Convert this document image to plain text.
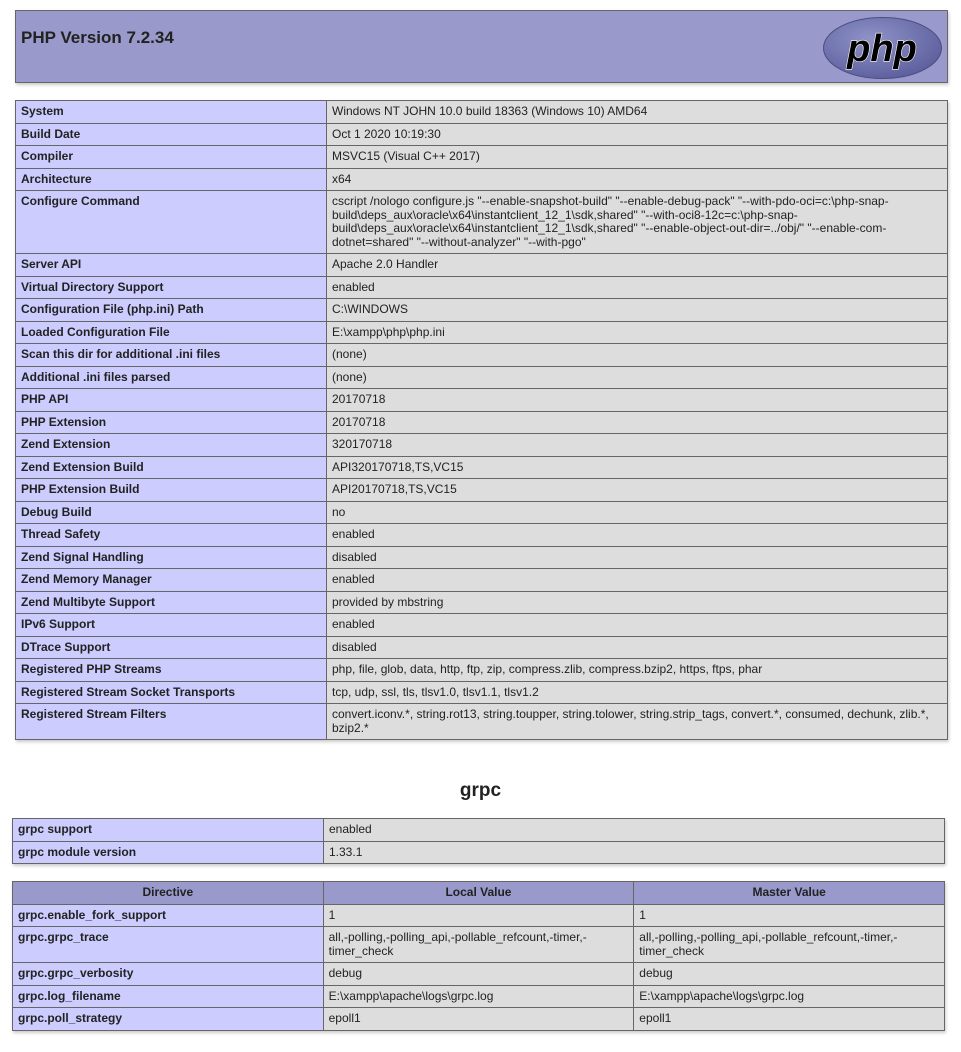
PHP Version 7.2.34	php
System	Windows NT JOHN 10.0 build 18363 (Windows 10) AMD64
Build Date	Oct 1 2020 10:19:30
Compiler	MSVC15 (Visual C++ 2017)
Architecture	x64
Configure Command	cscript /nologo configure.js "--enable-snapshot-build" "--enable-debug-pack" "--with-pdo-oci=c:\php-snap-build\deps_aux\oracle\x64\instantclient_12_1\sdk,shared" "--with-oci8-12c=c:\php-snap-build\deps_aux\oracle\x64\instantclient_12_1\sdk,shared" "--enable-object-out-dir=../obj/" "--enable-com-dotnet=shared" "--without-analyzer" "--with-pgo"
Server API	Apache 2.0 Handler
Virtual Directory Support	enabled
Configuration File (php.ini) Path	C:\WINDOWS
Loaded Configuration File	E:\xampp\php\php.ini
Scan this dir for additional .ini files	(none)
Additional .ini files parsed	(none)
PHP API	20170718
PHP Extension	20170718
Zend Extension	320170718
Zend Extension Build	API320170718,TS,VC15
PHP Extension Build	API20170718,TS,VC15
Debug Build	no
Thread Safety	enabled
Zend Signal Handling	disabled
Zend Memory Manager	enabled
Zend Multibyte Support	provided by mbstring
IPv6 Support	enabled
DTrace Support	disabled
Registered PHP Streams	php, file, glob, data, http, ftp, zip, compress.zlib, compress.bzip2, https, ftps, phar
Registered Stream Socket Transports	tcp, udp, ssl, tls, tlsv1.0, tlsv1.1, tlsv1.2
Registered Stream Filters	convert.iconv.*, string.rot13, string.toupper, string.tolower, string.strip_tags, convert.*, consumed, dechunk, zlib.*, bzip2.*
grpc
grpc support	enabled
grpc module version	1.33.1
Directive	Local Value	Master Value
grpc.enable_fork_support	1	1
grpc.grpc_trace	all,-polling,-polling_api,-pollable_refcount,-timer,-timer_check	all,-polling,-polling_api,-pollable_refcount,-timer,-timer_check
grpc.grpc_verbosity	debug	debug
grpc.log_filename	E:\xampp\apache\logs\grpc.log	E:\xampp\apache\logs\grpc.log
grpc.poll_strategy	epoll1	epoll1
